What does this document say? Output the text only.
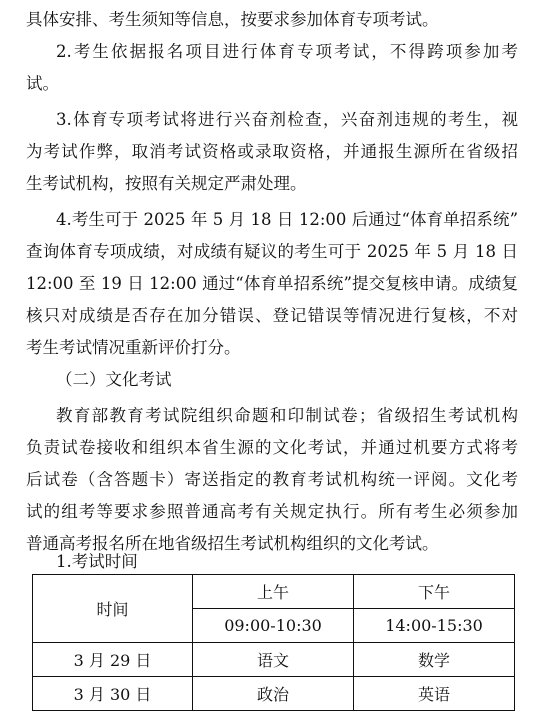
具体安排、考生须知等信息，按要求参加体育专项考试。
2.考生依据报名项目进行体育专项考试，不得跨项参加考
试。
3.体育专项考试将进行兴奋剂检查，兴奋剂违规的考生，视
为考试作弊，取消考试资格或录取资格，并通报生源所在省级招
生考试机构，按照有关规定严肃处理。
4.考生可于 2025 年 5 月 18 日 12:00 后通过“体育单招系统”
查询体育专项成绩，对成绩有疑议的考生可于 2025 年 5 月 18 日
12:00 至 19 日 12:00 通过“体育单招系统”提交复核申请。成绩复
核只对成绩是否存在加分错误、登记错误等情况进行复核，不对
考生考试情况重新评价打分。
（二）文化考试
教育部教育考试院组织命题和印制试卷；省级招生考试机构
负责试卷接收和组织本省生源的文化考试，并通过机要方式将考
后试卷（含答题卡）寄送指定的教育考试机构统一评阅。文化考
试的组考等要求参照普通高考有关规定执行。所有考生必须参加
普通高考报名所在地省级招生考试机构组织的文化考试。
1.考试时间
时间	上午	下午
	09:00-10:30	14:00-15:30
3 月 29 日	语文	数学
3 月 30 日	政治	英语
